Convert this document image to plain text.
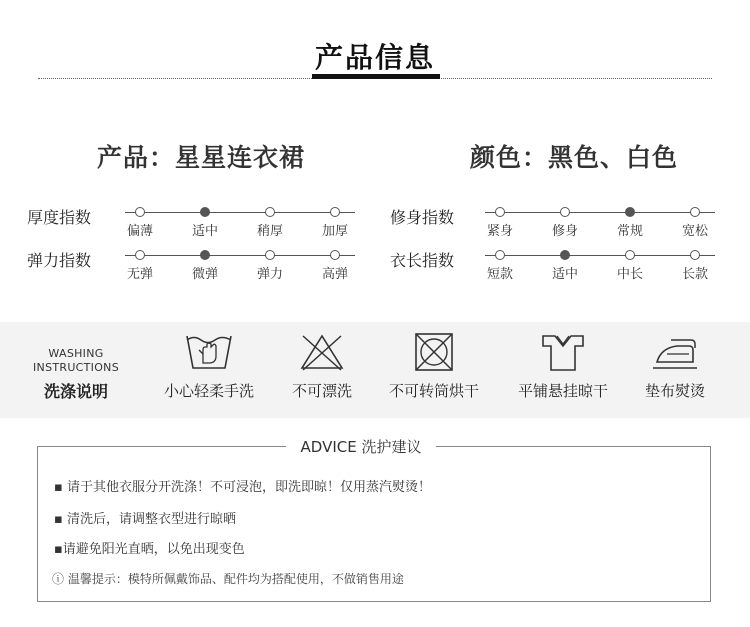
产品信息
产品：星星连衣裙	颜色：黑色、白色
厚度指数
偏薄	适中	稍厚	加厚
弹力指数
无弹	微弹	弹力	高弹
修身指数
紧身	修身	常规	宽松
衣长指数
短款	适中	中长	长款
WASHING
INSTRUCTIONS
洗涤说明	小心轻柔手洗	不可漂洗	不可转筒烘干	平铺悬挂晾干	垫布熨烫
ADVICE 洗护建议
▪ 请于其他衣服分开洗涤！不可浸泡，即洗即晾！仅用蒸汽熨烫！
▪ 清洗后，请调整衣型进行晾晒
▪请避免阳光直晒，以免出现变色
ⓘ 温馨提示：模特所佩戴饰品、配件均为搭配使用，不做销售用途
